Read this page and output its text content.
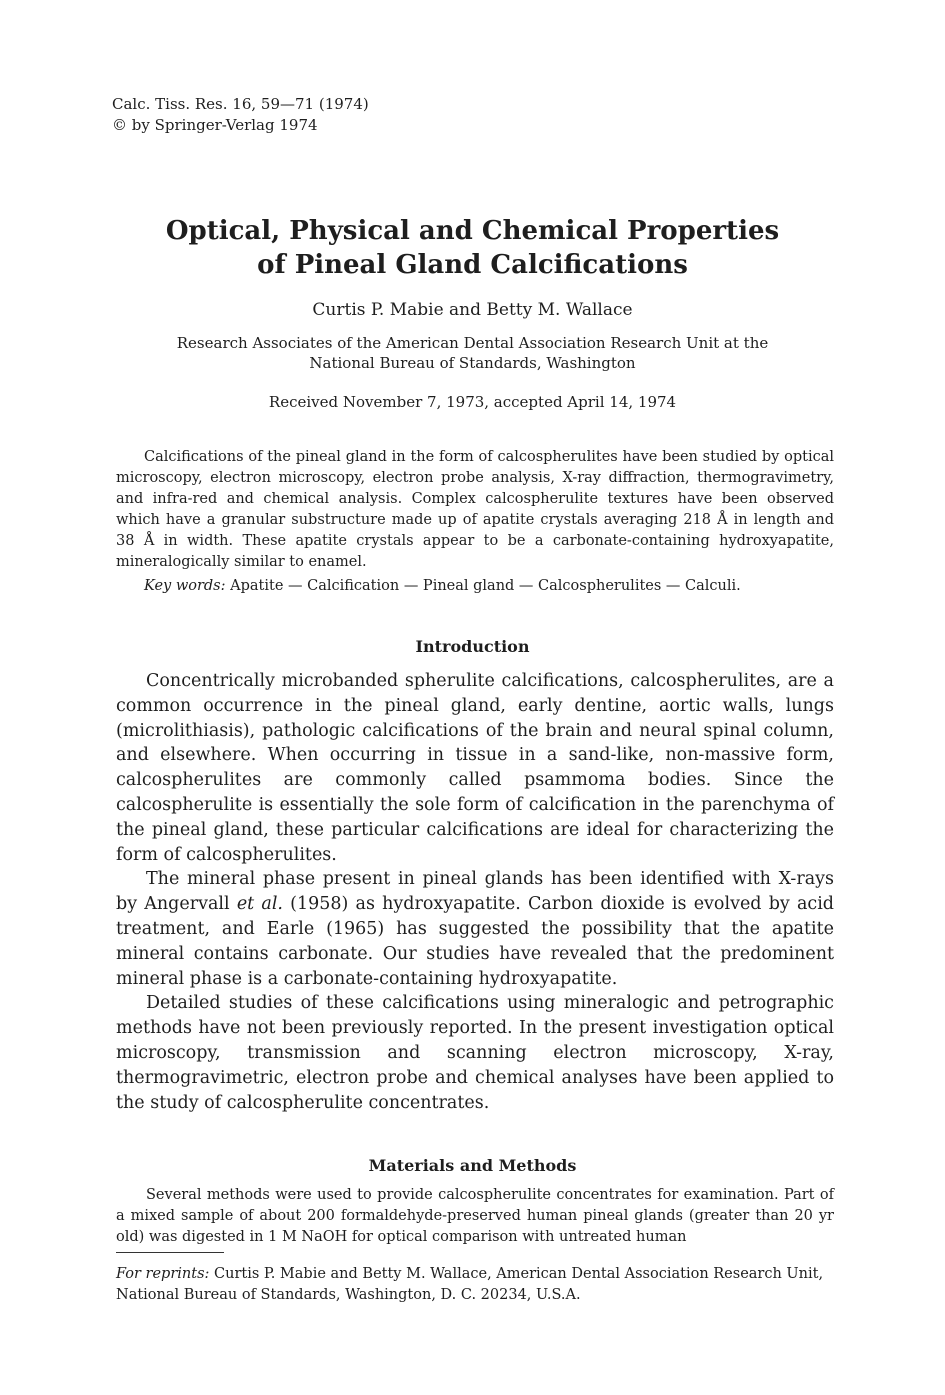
Calc. Tiss. Res. 16, 59—71 (1974)
© by Springer-Verlag 1974
Optical, Physical and Chemical Properties
of Pineal Gland Calcifications
Curtis P. Mabie and Betty M. Wallace
Research Associates of the American Dental Association Research Unit at the
National Bureau of Standards, Washington
Received November 7, 1973, accepted April 14, 1974

Calcifications of the pineal gland in the form of calcospherulites have been studied by optical microscopy, electron microscopy, electron probe analysis, X-ray diffraction, thermogravimetry, and infra-red and chemical analysis. Complex calcospherulite textures have been observed which have a granular substructure made up of apatite crystals averaging 218 Å in length and 38 Å in width. These apatite crystals appear to be a carbonate-containing hydroxyapatite, mineralogically similar to enamel.

Key words: Apatite — Calcification — Pineal gland — Calcospherulites — Calculi.

Introduction

Concentrically microbanded spherulite calcifications, calcospherulites, are a common occurrence in the pineal gland, early dentine, aortic walls, lungs (microlithiasis), pathologic calcifications of the brain and neural spinal column, and elsewhere. When occurring in tissue in a sand-like, non-massive form, calcospherulites are commonly called psammoma bodies. Since the calcospherulite is essentially the sole form of calcification in the parenchyma of the pineal gland, these particular calcifications are ideal for characterizing the form of calcospherulites.

The mineral phase present in pineal glands has been identified with X-rays by Angervall et al. (1958) as hydroxyapatite. Carbon dioxide is evolved by acid treatment, and Earle (1965) has suggested the possibility that the apatite mineral contains carbonate. Our studies have revealed that the predominent mineral phase is a carbonate-containing hydroxyapatite.

Detailed studies of these calcifications using mineralogic and petrographic methods have not been previously reported. In the present investigation optical microscopy, transmission and scanning electron microscopy, X-ray, thermogravimetric, electron probe and chemical analyses have been applied to the study of calcospherulite concentrates.

Materials and Methods

Several methods were used to provide calcospherulite concentrates for examination. Part of a mixed sample of about 200 formaldehyde-preserved human pineal glands (greater than 20 yr old) was digested in 1 M NaOH for optical comparison with untreated human

For reprints: Curtis P. Mabie and Betty M. Wallace, American Dental Association Research Unit, National Bureau of Standards, Washington, D. C. 20234, U.S.A.
